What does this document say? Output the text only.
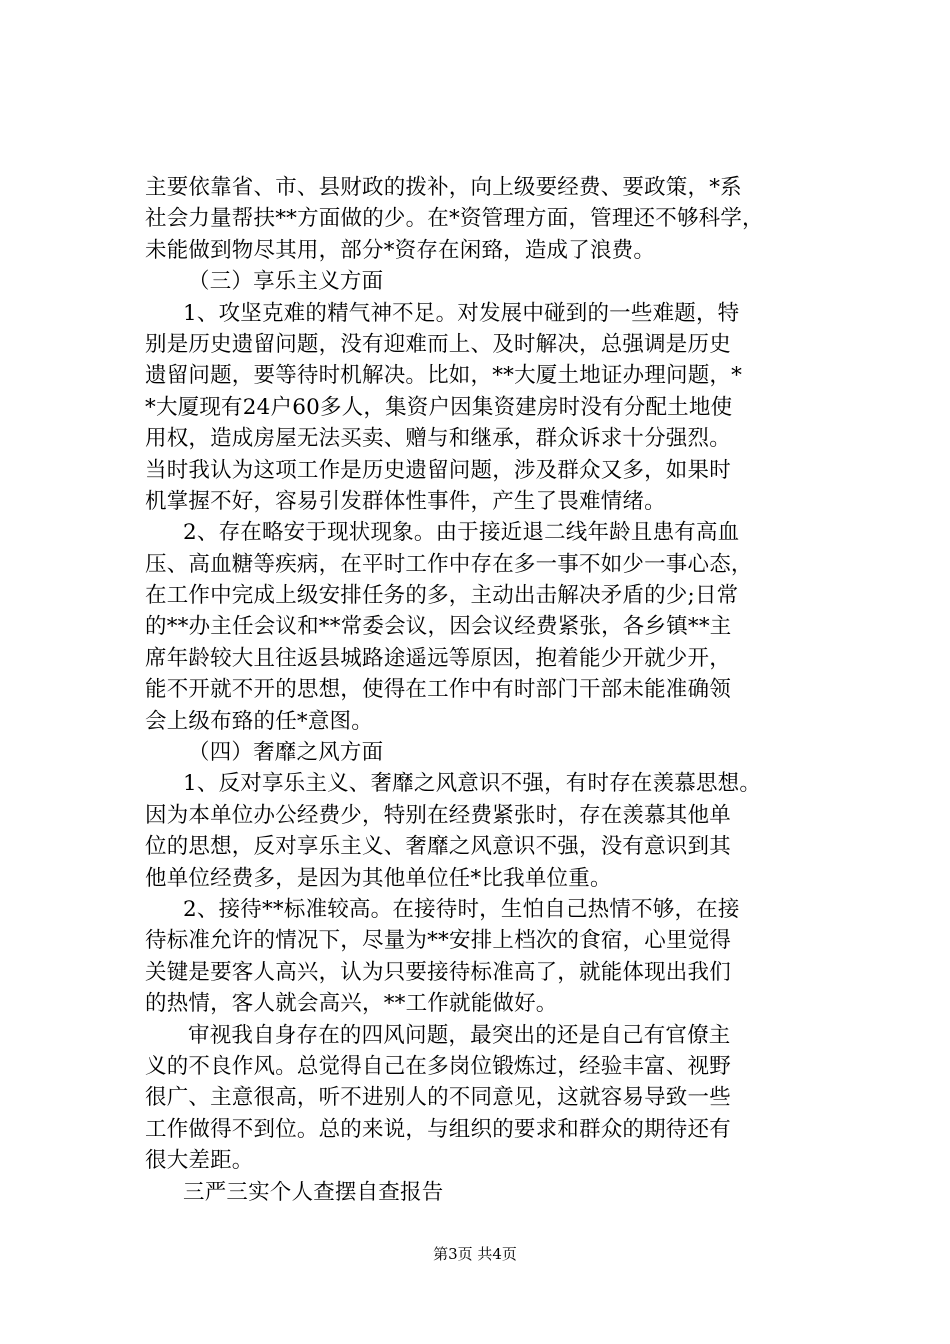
主要依靠省、市、县财政的拨补，向上级要经费、要政策，*系
社会力量帮扶**方面做的少。在*资管理方面，管理还不够科学，
未能做到物尽其用，部分*资存在闲臵，造成了浪费。
（三）享乐主义方面
1、攻坚克难的精气神不足。对发展中碰到的一些难题，特
别是历史遗留问题，没有迎难而上、及时解决，总强调是历史
遗留问题，要等待时机解决。比如，**大厦土地证办理问题，*
*大厦现有24户60多人，集资户因集资建房时没有分配土地使
用权，造成房屋无法买卖、赠与和继承，群众诉求十分强烈。
当时我认为这项工作是历史遗留问题，涉及群众又多，如果时
机掌握不好，容易引发群体性事件，产生了畏难情绪。
2、存在略安于现状现象。由于接近退二线年龄且患有高血
压、高血糖等疾病，在平时工作中存在多一事不如少一事心态，
在工作中完成上级安排任务的多，主动出击解决矛盾的少;日常
的**办主任会议和**常委会议，因会议经费紧张，各乡镇**主
席年龄较大且往返县城路途遥远等原因，抱着能少开就少开，
能不开就不开的思想，使得在工作中有时部门干部未能准确领
会上级布臵的任*意图。
（四）奢靡之风方面
1、反对享乐主义、奢靡之风意识不强，有时存在羡慕思想。
因为本单位办公经费少，特别在经费紧张时，存在羡慕其他单
位的思想，反对享乐主义、奢靡之风意识不强，没有意识到其
他单位经费多，是因为其他单位任*比我单位重。
2、接待**标准较高。在接待时，生怕自己热情不够，在接
待标准允许的情况下，尽量为**安排上档次的食宿，心里觉得
关键是要客人高兴，认为只要接待标准高了，就能体现出我们
的热情，客人就会高兴，**工作就能做好。
审视我自身存在的四风问题，最突出的还是自己有官僚主
义的不良作风。总觉得自己在多岗位锻炼过，经验丰富、视野
很广、主意很高，听不进别人的不同意见，这就容易导致一些
工作做得不到位。总的来说，与组织的要求和群众的期待还有
很大差距。
三严三实个人查摆自查报告
第3页 共4页
